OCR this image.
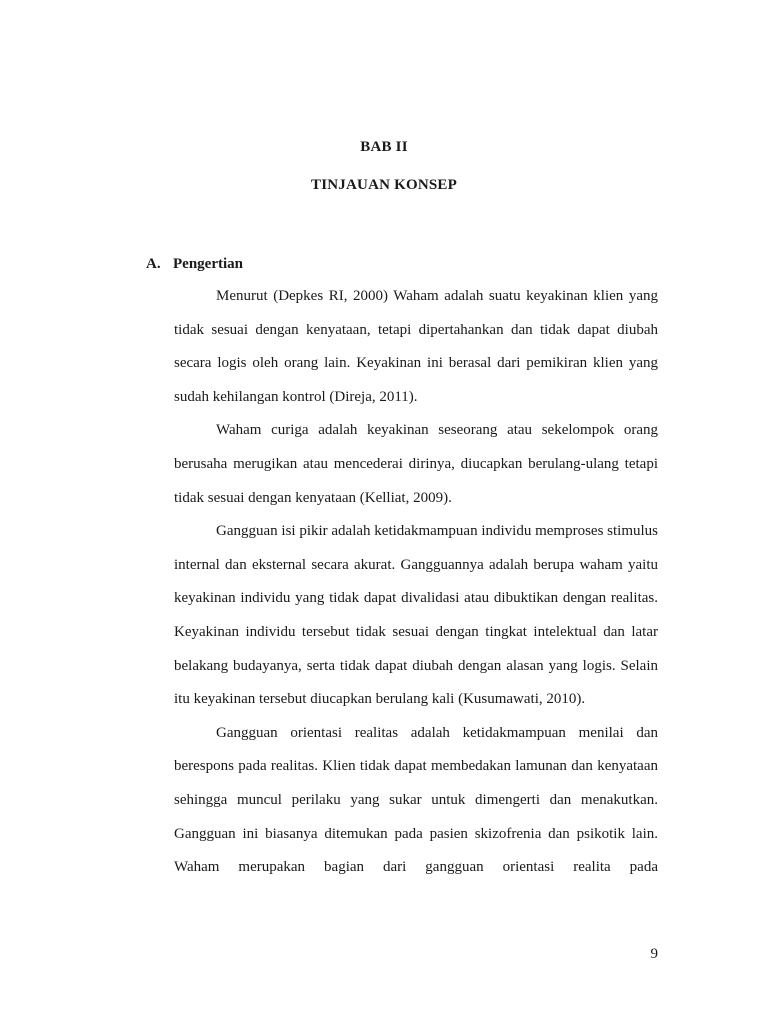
BAB II
TINJAUAN KONSEP
A. Pengertian

Menurut (Depkes RI, 2000) Waham adalah suatu keyakinan klien yang tidak sesuai dengan kenyataan, tetapi dipertahankan dan tidak dapat diubah secara logis oleh orang lain. Keyakinan ini berasal dari pemikiran klien yang sudah kehilangan kontrol (Direja, 2011).

Waham curiga adalah keyakinan seseorang atau sekelompok orang berusaha merugikan atau mencederai dirinya, diucapkan berulang-ulang tetapi tidak sesuai dengan kenyataan (Kelliat, 2009).

Gangguan isi pikir adalah ketidakmampuan individu memproses stimulus internal dan eksternal secara akurat. Gangguannya adalah berupa waham yaitu keyakinan individu yang tidak dapat divalidasi atau dibuktikan dengan realitas. Keyakinan individu tersebut tidak sesuai dengan tingkat intelektual dan latar belakang budayanya, serta tidak dapat diubah dengan alasan yang logis. Selain itu keyakinan tersebut diucapkan berulang kali (Kusumawati, 2010).

Gangguan orientasi realitas adalah ketidakmampuan menilai dan berespons pada realitas. Klien tidak dapat membedakan lamunan dan kenyataan sehingga muncul perilaku yang sukar untuk dimengerti dan menakutkan. Gangguan ini biasanya ditemukan pada pasien skizofrenia dan psikotik lain. Waham merupakan bagian dari gangguan orientasi realita pada

9
